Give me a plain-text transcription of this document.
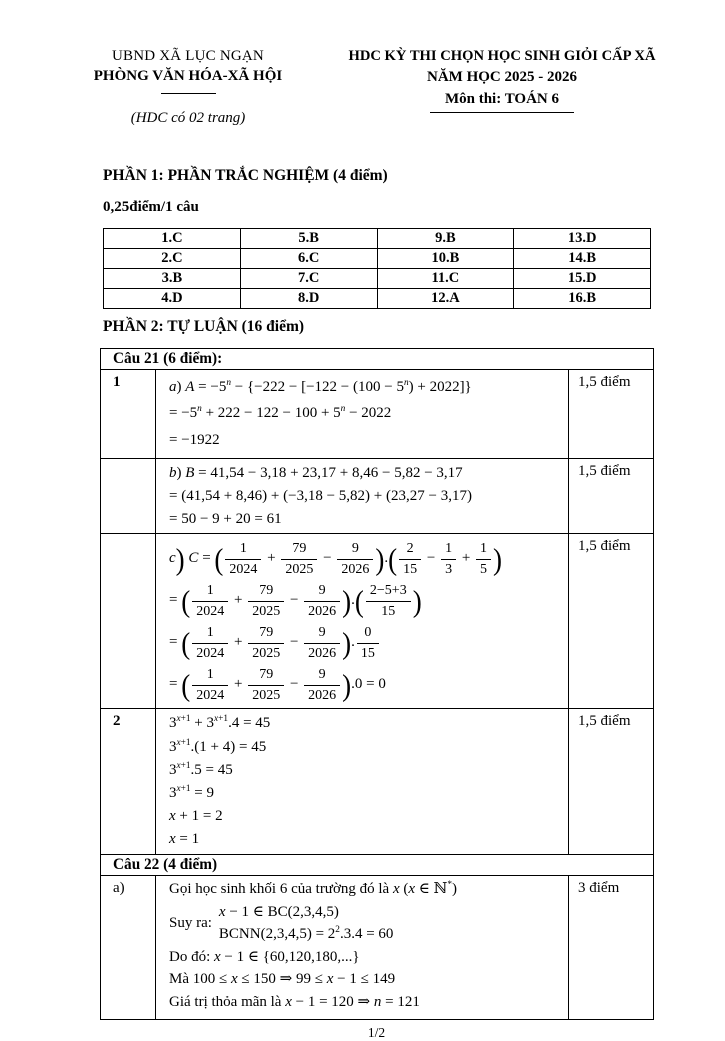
UBND XÃ LỤC NGẠN
PHÒNG VĂN HÓA-XÃ HỘI
(HDC có 02 trang)
HDC KỲ THI CHỌN HỌC SINH GIỎI CẤP XÃ
NĂM HỌC 2025 - 2026
Môn thi: TOÁN 6
PHẦN 1: PHẦN TRẮC NGHIỆM (4 điểm)
0,25điểm/1 câu
1.C	5.B	9.B	13.D
2.C	6.C	10.B	14.B
3.B	7.C	11.C	15.D
4.D	8.D	12.A	16.B
PHẦN 2: TỰ LUẬN (16 điểm)
Câu 21 (6 điểm):		
1	a) $A = -5^n - \{-222 - [-122 - (100 - 5^n) + 2022]\}$
= $-5^n + 222 - 122 - 100 + 5^n - 2022$
= −1922	1,5 điểm

	b) B = 41,54 − 3,18 + 23,17 + 8,46 − 5,82 − 3,17
= (41,54 + 8,46) + (−3,18 − 5,82) + (23,27 − 3,17)
= 50 − 9 + 20 = 61	1,5 điểm

c) C = ( $\frac{1}{2024} + \frac{79}{2025} - \frac{9}{2026}$ ).( $\frac{2}{15} - \frac{1}{3} + \frac{1}{5}$ )
= ( $\frac{1}{2024} + \frac{79}{2025} - \frac{9}{2026}$ ).( $\frac{2-5+3}{15}$ )
= ( $\frac{1}{2024} + \frac{79}{2025} - \frac{9}{2026}$ ). $\frac{0}{15}$
= ( $\frac{1}{2024} + \frac{79}{2025} - \frac{9}{2026} ).0 = 0$
	1,5 điểm
2	$3^{x+1} + 3^{x+1}.4 = 45$
$3^{x+1}.(1 + 4) = 45$
$3^{x+1}.5 = 45$
$3^{x+1} = 9$
x + 1 = 2
x = 1
	1,5 điểm
Câu 22 (4 điểm)		
a)	Gọi học sinh khối 6 của trường đó là x (x ∈ ℕ*)
Suy ra:
x − 1 ∈ BC(2,3,4,5)
BCNN(2,3,4,5) = $2^2.3.4 = 60$
Do đó: x − 1 ∈ {60,120,180,...}
Mà 100 ≤ x ≤ 150 ⇒ 99 ≤ x − 1 ≤ 149
Giá trị thỏa mãn là x − 1 = 120 ⇒ n = 121
	3 điểm
1/2
